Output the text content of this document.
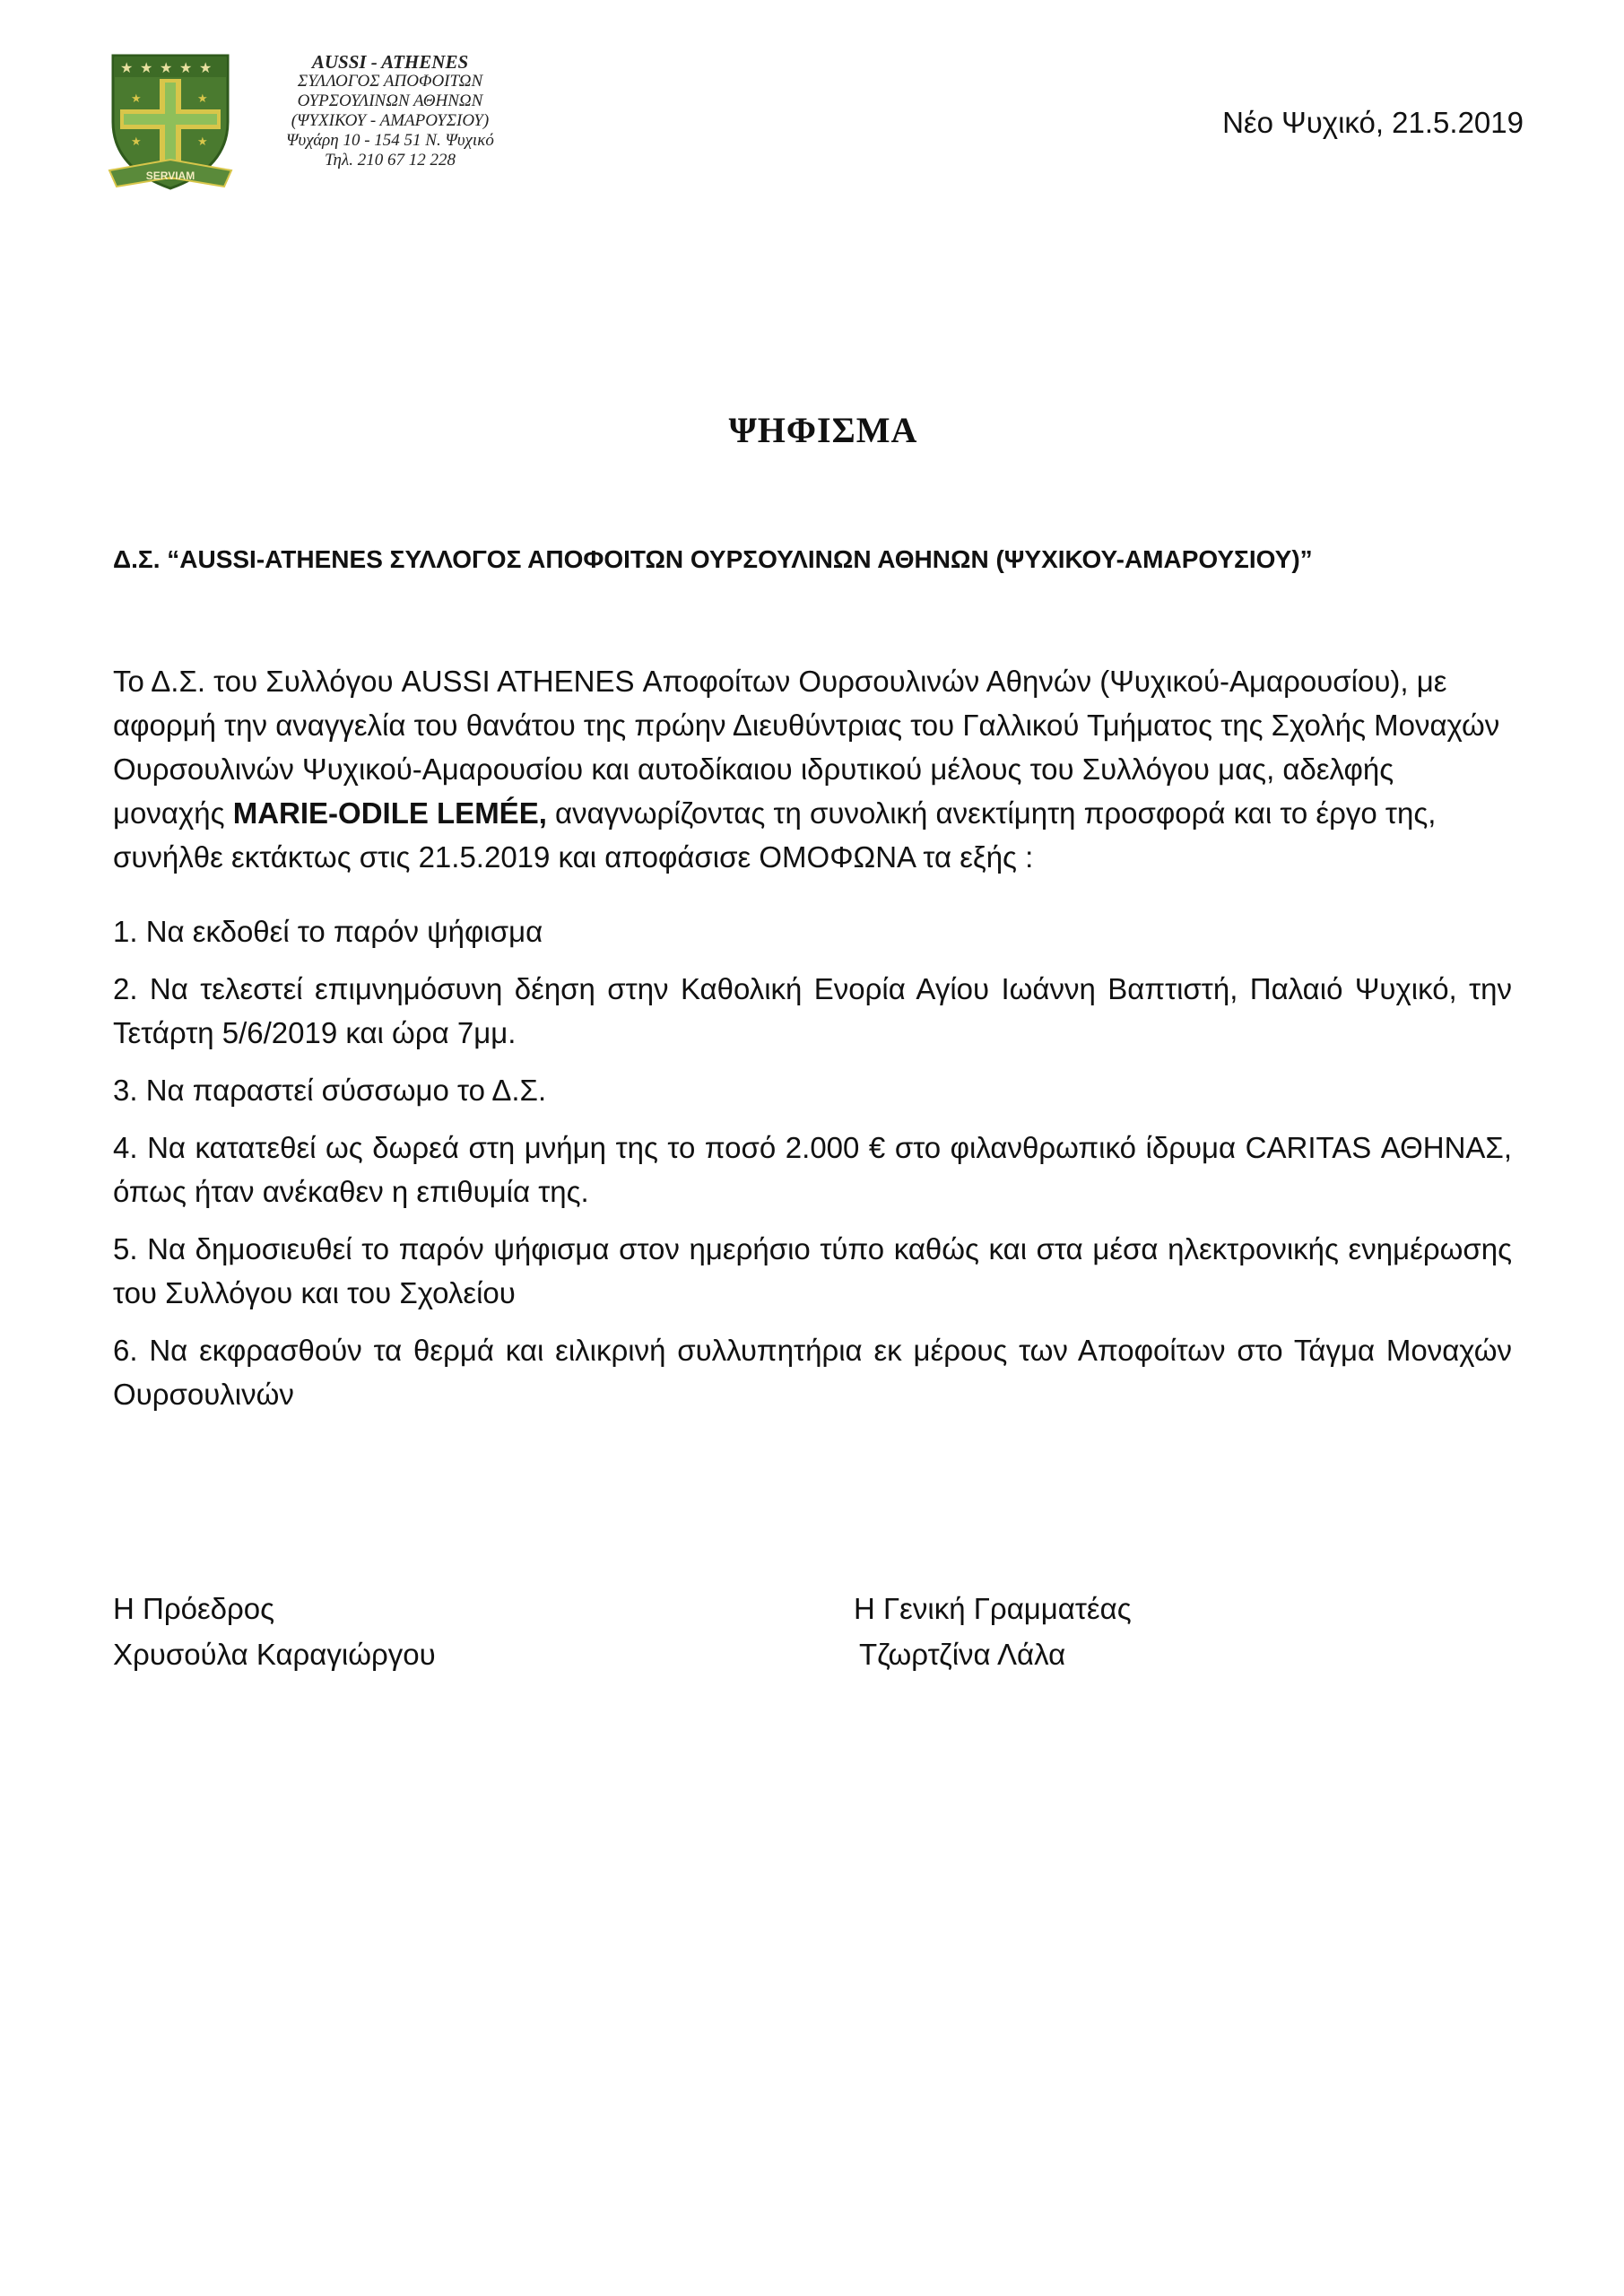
★ ★ ★ ★ ★
★	★
★	★
SERVIAM
AUSSI - ATHENES
ΣΥΛΛΟΓΟΣ ΑΠΟΦΟΙΤΩΝ
ΟΥΡΣΟΥΛΙΝΩΝ ΑΘΗΝΩΝ
(ΨΥΧΙΚΟΥ - ΑΜΑΡΟΥΣΙΟΥ)
Ψυχάρη 10 - 154 51 Ν. Ψυχικό
Τηλ. 210 67 12 228
Νέο Ψυχικό, 21.5.2019
ΨΗΦΙΣΜΑ
Δ.Σ. “AUSSI-ATHENES ΣΥΛΛΟΓΟΣ ΑΠΟΦΟΙΤΩΝ ΟΥΡΣΟΥΛΙΝΩΝ ΑΘΗΝΩΝ (ΨΥΧΙΚΟΥ-ΑΜΑΡΟΥΣΙΟΥ)”

Το Δ.Σ. του Συλλόγου AUSSI ATHENES Αποφοίτων Ουρσουλινών Αθηνών (Ψυχικού-Αμαρουσίου), με αφορμή την αναγγελία του θανάτου της πρώην Διευθύντριας του Γαλλικού Τμήματος της Σχολής Μοναχών Ουρσουλινών Ψυχικού-Αμαρουσίου και αυτοδίκαιου ιδρυτικού μέλους του Συλλόγου μας, αδελφής μοναχής MARIE-ODILE LEMÉE, αναγνωρίζοντας τη συνολική ανεκτίμητη προσφορά και το έργο της, συνήλθε εκτάκτως στις 21.5.2019 και αποφάσισε ΟΜΟΦΩΝΑ τα εξής :

1. Να εκδοθεί το παρόν ψήφισμα
2. Να τελεστεί επιμνημόσυνη δέηση στην Καθολική Ενορία Αγίου Ιωάννη Βαπτιστή, Παλαιό Ψυχικό, την Τετάρτη 5/6/2019 και ώρα 7μμ.
3. Να παραστεί σύσσωμο το Δ.Σ.
4. Να κατατεθεί ως δωρεά στη μνήμη της το ποσό 2.000 € στο φιλανθρωπικό ίδρυμα CARITAS ΑΘΗΝΑΣ, όπως ήταν ανέκαθεν η επιθυμία της.
5. Να δημοσιευθεί το παρόν ψήφισμα στον ημερήσιο τύπο καθώς και στα μέσα ηλεκτρονικής ενημέρωσης του Συλλόγου και του Σχολείου
6. Να εκφρασθούν τα θερμά και ειλικρινή συλλυπητήρια εκ μέρους των Αποφοίτων στο Τάγμα Μοναχών Ουρσουλινών
Η Πρόεδρος
Χρυσούλα Καραγιώργου
Η Γενική Γραμματέας
Τζωρτζίνα Λάλα
